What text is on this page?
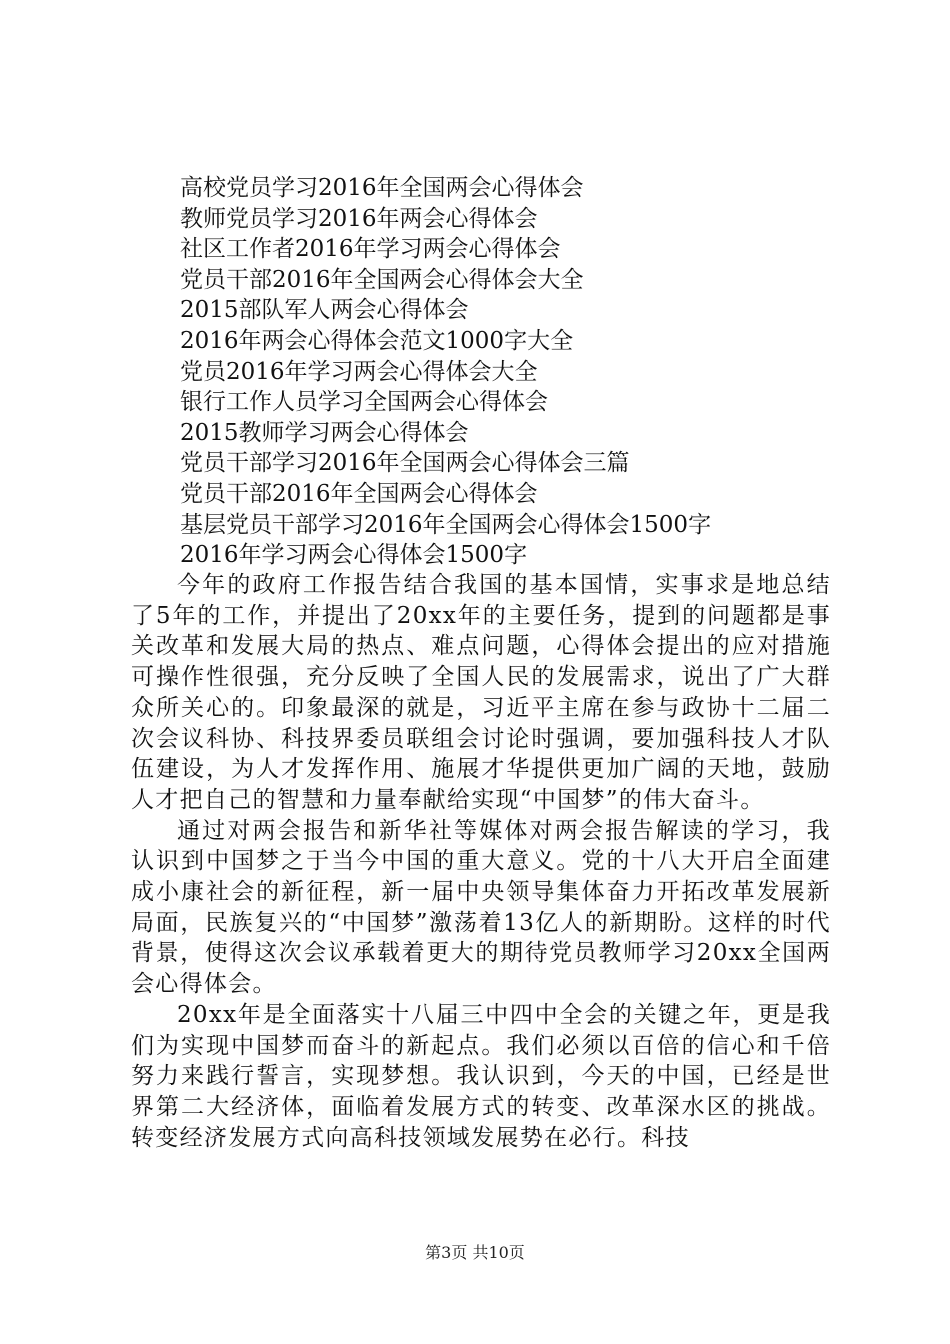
高校党员学习2016年全国两会心得体会
教师党员学习2016年两会心得体会
社区工作者2016年学习两会心得体会
党员干部2016年全国两会心得体会大全
2015部队军人两会心得体会
2016年两会心得体会范文1000字大全
党员2016年学习两会心得体会大全
银行工作人员学习全国两会心得体会
2015教师学习两会心得体会
党员干部学习2016年全国两会心得体会三篇
党员干部2016年全国两会心得体会
基层党员干部学习2016年全国两会心得体会1500字
2016年学习两会心得体会1500字

今年的政府工作报告结合我国的基本国情，实事求是地总结了5年的工作，并提出了20xx年的主要任务，提到的问题都是事关改革和发展大局的热点、难点问题，心得体会提出的应对措施可操作性很强，充分反映了全国人民的发展需求，说出了广大群众所关心的。印象最深的就是，习近平主席在参与政协十二届二次会议科协、科技界委员联组会讨论时强调，要加强科技人才队伍建设，为人才发挥作用、施展才华提供更加广阔的天地，鼓励人才把自己的智慧和力量奉献给实现“中国梦”的伟大奋斗。

通过对两会报告和新华社等媒体对两会报告解读的学习，我认识到中国梦之于当今中国的重大意义。党的十八大开启全面建成小康社会的新征程，新一届中央领导集体奋力开拓改革发展新局面，民族复兴的“中国梦”激荡着13亿人的新期盼。这样的时代背景，使得这次会议承载着更大的期待党员教师学习20xx全国两会心得体会。

20xx年是全面落实十八届三中四中全会的关键之年，更是我们为实现中国梦而奋斗的新起点。我们必须以百倍的信心和千倍努力来践行誓言，实现梦想。我认识到，今天的中国，已经是世界第二大经济体，面临着发展方式的转变、改革深水区的挑战。转变经济发展方式向高科技领域发展势在必行。科技

第3页 共10页
